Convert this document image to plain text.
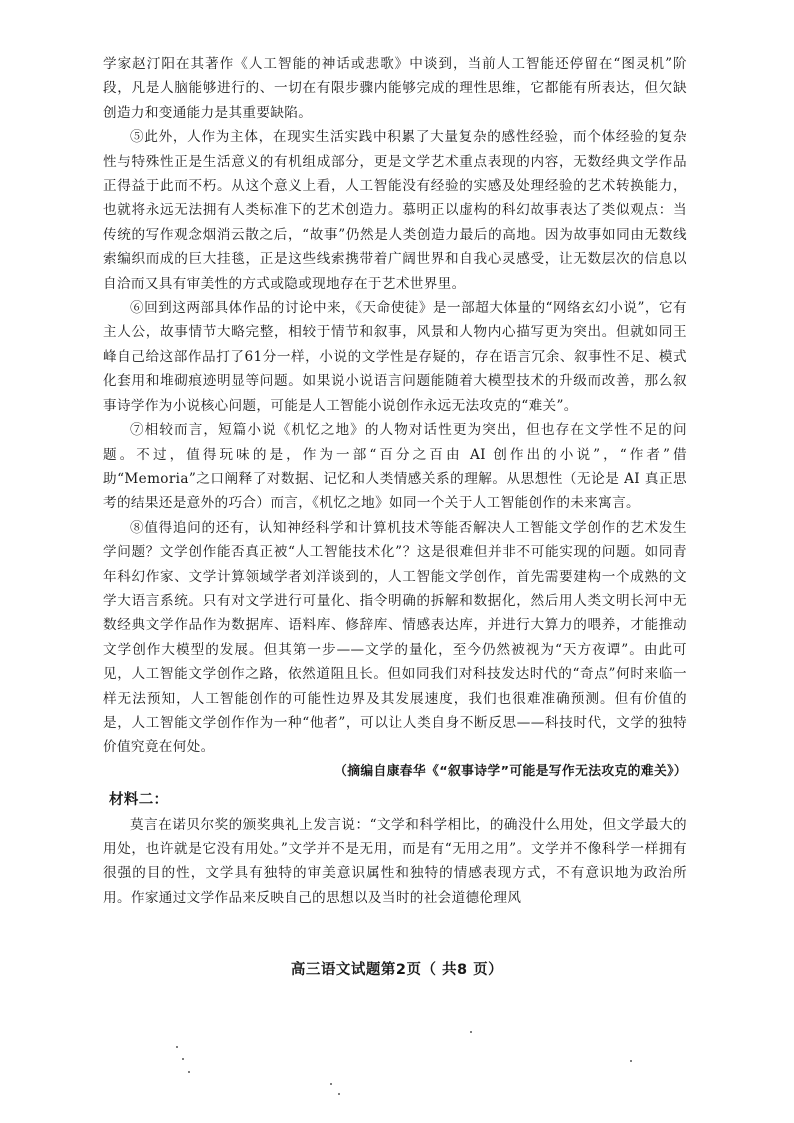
学家赵汀阳在其著作《人工智能的神话或悲歌》中谈到，当前人工智能还停留在“图灵机”阶段，凡是人脑能够进行的、一切在有限步骤内能够完成的理性思维，它都能有所表达，但欠缺创造力和变通能力是其重要缺陷。

⑤此外，人作为主体，在现实生活实践中积累了大量复杂的感性经验，而个体经验的复杂性与特殊性正是生活意义的有机组成部分，更是文学艺术重点表现的内容，无数经典文学作品正得益于此而不朽。从这个意义上看，人工智能没有经验的实感及处理经验的艺术转换能力，也就将永远无法拥有人类标准下的艺术创造力。慕明正以虚构的科幻故事表达了类似观点：当传统的写作观念烟消云散之后，“故事”仍然是人类创造力最后的高地。因为故事如同由无数线索编织而成的巨大挂毯，正是这些线索携带着广阔世界和自我心灵感受，让无数层次的信息以自洽而又具有审美性的方式或隐或现地存在于艺术世界里。

⑥回到这两部具体作品的讨论中来，《天命使徒》是一部超大体量的“网络玄幻小说”，它有主人公，故事情节大略完整，相较于情节和叙事，风景和人物内心描写更为突出。但就如同王峰自己给这部作品打了61分一样，小说的文学性是存疑的，存在语言冗余、叙事性不足、模式化套用和堆砌痕迹明显等问题。如果说小说语言问题能随着大模型技术的升级而改善，那么叙事诗学作为小说核心问题，可能是人工智能小说创作永远无法攻克的“难关”。

⑦相较而言，短篇小说《机忆之地》的人物对话性更为突出，但也存在文学性不足的问题。不过，值得玩味的是，作为一部“百分之百由 AI 创作出的小说”，“作者”借助“Memoria”之口阐释了对数据、记忆和人类情感关系的理解。从思想性（无论是 AI 真正思考的结果还是意外的巧合）而言，《机忆之地》如同一个关于人工智能创作的未来寓言。

⑧值得追问的还有，认知神经科学和计算机技术等能否解决人工智能文学创作的艺术发生学问题？文学创作能否真正被“人工智能技术化”？这是很难但并非不可能实现的问题。如同青年科幻作家、文学计算领域学者刘洋谈到的，人工智能文学创作，首先需要建构一个成熟的文学大语言系统。只有对文学进行可量化、指令明确的拆解和数据化，然后用人类文明长河中无数经典文学作品作为数据库、语料库、修辞库、情感表达库，并进行大算力的喂养，才能推动文学创作大模型的发展。但其第一步——文学的量化，至今仍然被视为“天方夜谭”。由此可见，人工智能文学创作之路，依然道阻且长。但如同我们对科技发达时代的“奇点”何时来临一样无法预知，人工智能创作的可能性边界及其发展速度，我们也很难准确预测。但有价值的是，人工智能文学创作作为一种“他者”，可以让人类自身不断反思——科技时代，文学的独特价值究竟在何处。

（摘编自康春华《“叙事诗学”可能是写作无法攻克的难关》）

材料二：

莫言在诺贝尔奖的颁奖典礼上发言说：“文学和科学相比，的确没什么用处，但文学最大的用处，也许就是它没有用处。”文学并不是无用，而是有“无用之用”。文学并不像科学一样拥有很强的目的性，文学具有独特的审美意识属性和独特的情感表现方式，不有意识地为政治所用。作家通过文学作品来反映自己的思想以及当时的社会道德伦理风

高三语文试题第2页（ 共8 页）
